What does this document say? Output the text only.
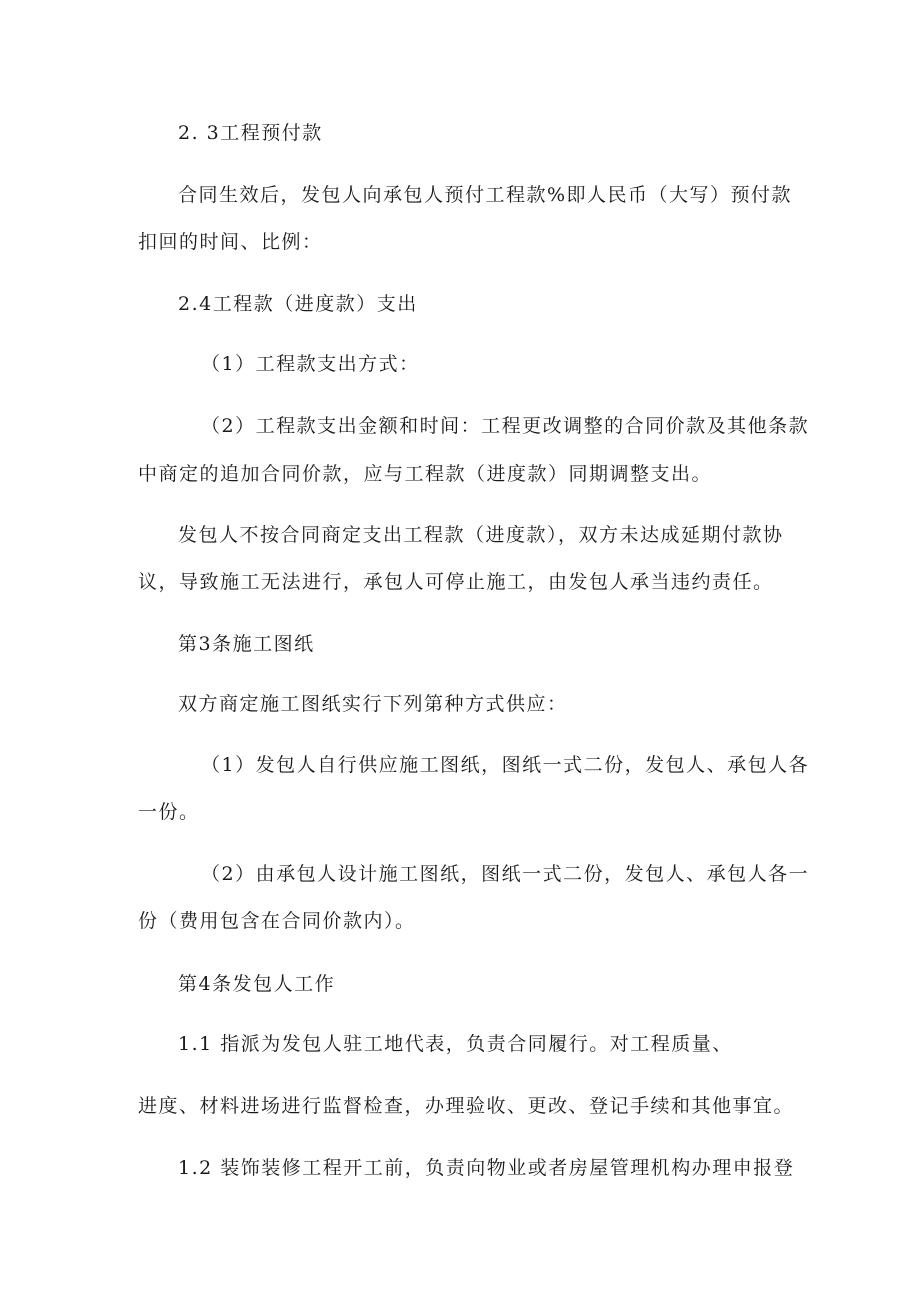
2. 3工程预付款
合同生效后，发包人向承包人预付工程款%即人民币（大写）预付款
扣回的时间、比例：
2.4工程款（进度款）支出
（1）工程款支出方式：
（2）工程款支出金额和时间：工程更改调整的合同价款及其他条款
中商定的追加合同价款，应与工程款（进度款）同期调整支出。
发包人不按合同商定支出工程款（进度款），双方未达成延期付款协
议，导致施工无法进行，承包人可停止施工，由发包人承当违约责任。
第3条施工图纸
双方商定施工图纸实行下列第种方式供应：
（1）发包人自行供应施工图纸，图纸一式二份，发包人、承包人各
一份。
（2）由承包人设计施工图纸，图纸一式二份，发包人、承包人各一
份（费用包含在合同价款内）。
第4条发包人工作
1.1 指派为发包人驻工地代表，负责合同履行。对工程质量、
进度、材料进场进行监督检查，办理验收、更改、登记手续和其他事宜。
1.2 装饰装修工程开工前，负责向物业或者房屋管理机构办理申报登
